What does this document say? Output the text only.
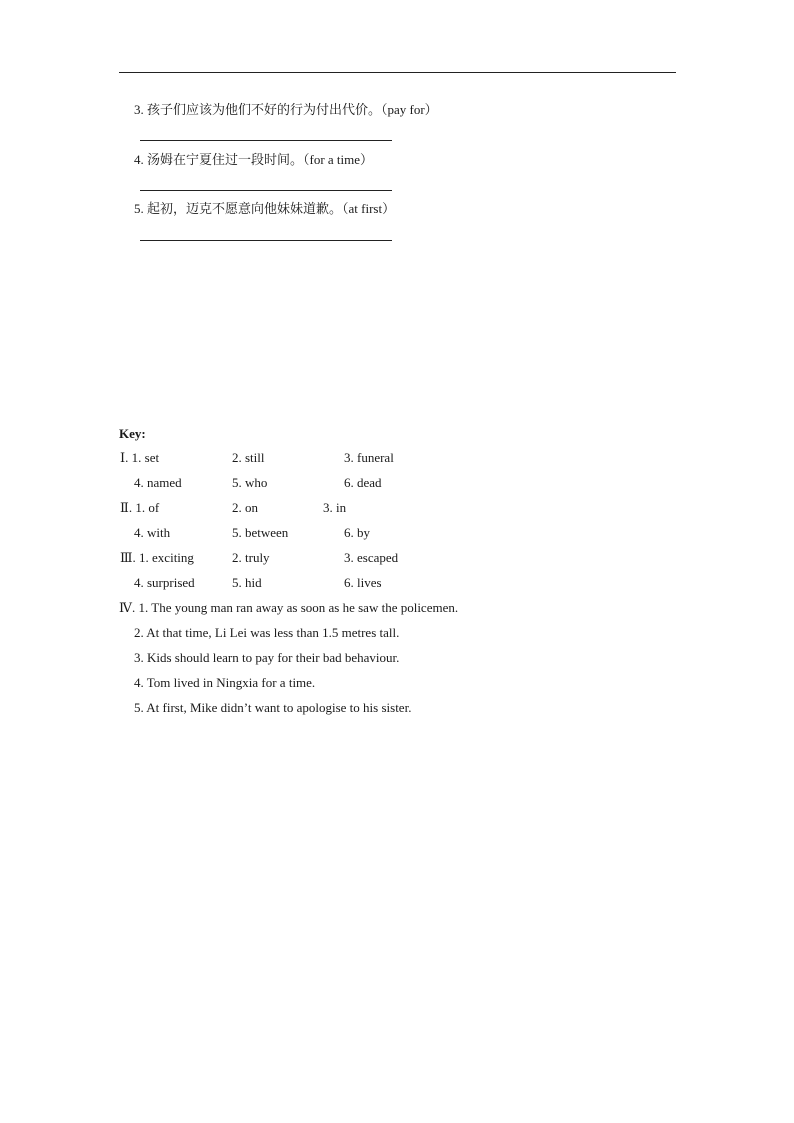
3. 孩子们应该为他们不好的行为付出代价。（pay for）
4. 汤姆在宁夏住过一段时间。（for a time）
5. 起初，迈克不愿意向他妹妹道歉。（at first）
Key:
Ⅰ. 1. set	2. still	3. funeral
4. named	5. who	6. dead
Ⅱ. 1. of	2. on	3. in
4. with	5. between	6. by
Ⅲ. 1. exciting	2. truly	3. escaped
4. surprised	5. hid	6. lives
Ⅳ. 1. The young man ran away as soon as he saw the policemen.
2. At that time, Li Lei was less than 1.5 metres tall.
3. Kids should learn to pay for their bad behaviour.
4. Tom lived in Ningxia for a time.
5. At first, Mike didn’t want to apologise to his sister.
